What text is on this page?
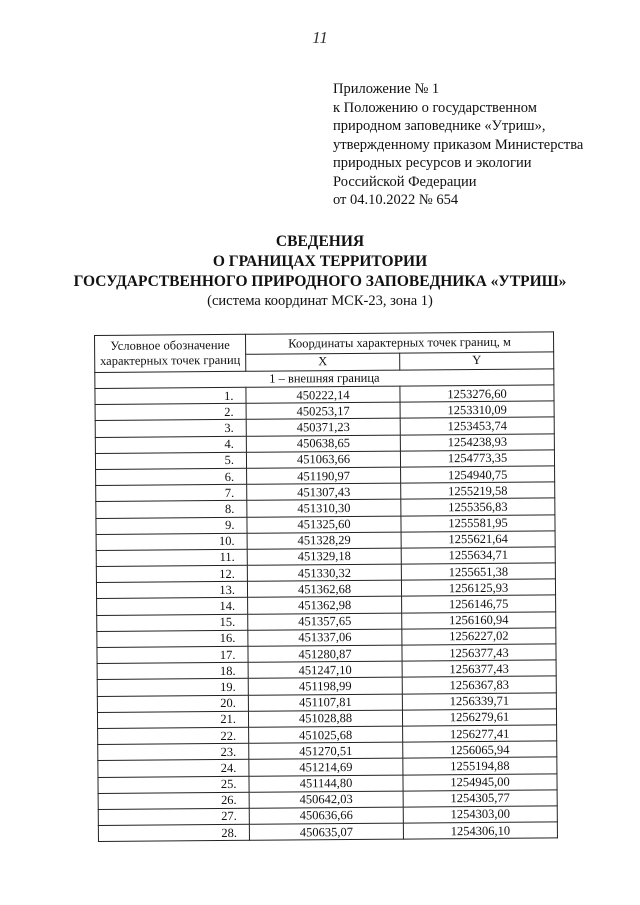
11
Приложение № 1
к Положению о государственном
природном заповеднике «Утриш»,
утвержденному приказом Министерства
природных ресурсов и экологии
Российской Федерации
от 04.10.2022 № 654
СВЕДЕНИЯ
О ГРАНИЦАХ ТЕРРИТОРИИ
ГОСУДАРСТВЕННОГО ПРИРОДНОГО ЗАПОВЕДНИКА «УТРИШ»
(система координат МСК-23, зона 1)
Условное обозначение
характерных точек границ	Координаты характерных точек границ, м	
	X	Y
1 – внешняя граница		
1.	450222,14	1253276,60
2.	450253,17	1253310,09
3.	450371,23	1253453,74
4.	450638,65	1254238,93
5.	451063,66	1254773,35
6.	451190,97	1254940,75
7.	451307,43	1255219,58
8.	451310,30	1255356,83
9.	451325,60	1255581,95
10.	451328,29	1255621,64
11.	451329,18	1255634,71
12.	451330,32	1255651,38
13.	451362,68	1256125,93
14.	451362,98	1256146,75
15.	451357,65	1256160,94
16.	451337,06	1256227,02
17.	451280,87	1256377,43
18.	451247,10	1256377,43
19.	451198,99	1256367,83
20.	451107,81	1256339,71
21.	451028,88	1256279,61
22.	451025,68	1256277,41
23.	451270,51	1256065,94
24.	451214,69	1255194,88
25.	451144,80	1254945,00
26.	450642,03	1254305,77
27.	450636,66	1254303,00
28.	450635,07	1254306,10
